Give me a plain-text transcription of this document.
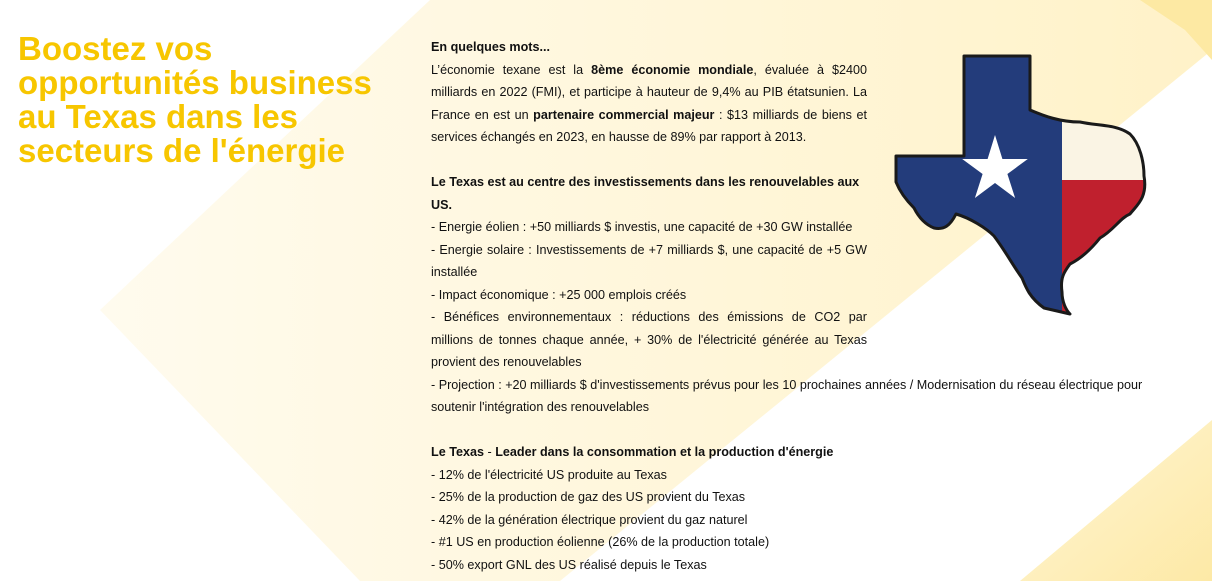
Boostez vos opportunités business au Texas dans les secteurs de l'énergie

En quelques mots...

L’économie texane est la 8ème économie mondiale, évaluée à $2400 milliards en 2022 (FMI), et participe à hauteur de 9,4% au PIB étatsunien. La France en est un partenaire commercial majeur : $13 milliards de biens et services échangés en 2023, en hausse de 89% par rapport à 2013.

Le Texas est au centre des investissements dans les renouvelables aux US.

- Energie éolien : +50 milliards $ investis, une capacité de +30 GW installée

- Energie solaire : Investissements de +7 milliards $, une capacité de +5 GW installée

- Impact économique : +25 000 emplois créés

- Bénéfices environnementaux : réductions des émissions de CO2 par millions de tonnes chaque année, + 30% de l'électricité générée au Texas provient des renouvelables

- Projection : +20 milliards $ d'investissements prévus pour les 10 prochaines années / Modernisation du réseau électrique pour soutenir l'intégration des renouvelables

Le Texas - Leader dans la consommation et la production d'énergie

- 12% de l'électricité US produite au Texas

- 25% de la production de gaz des US provient du Texas

- 42% de la génération électrique provient du gaz naturel

- #1 US en production éolienne (26% de la production totale)

- 50% export GNL des US réalisé depuis le Texas
